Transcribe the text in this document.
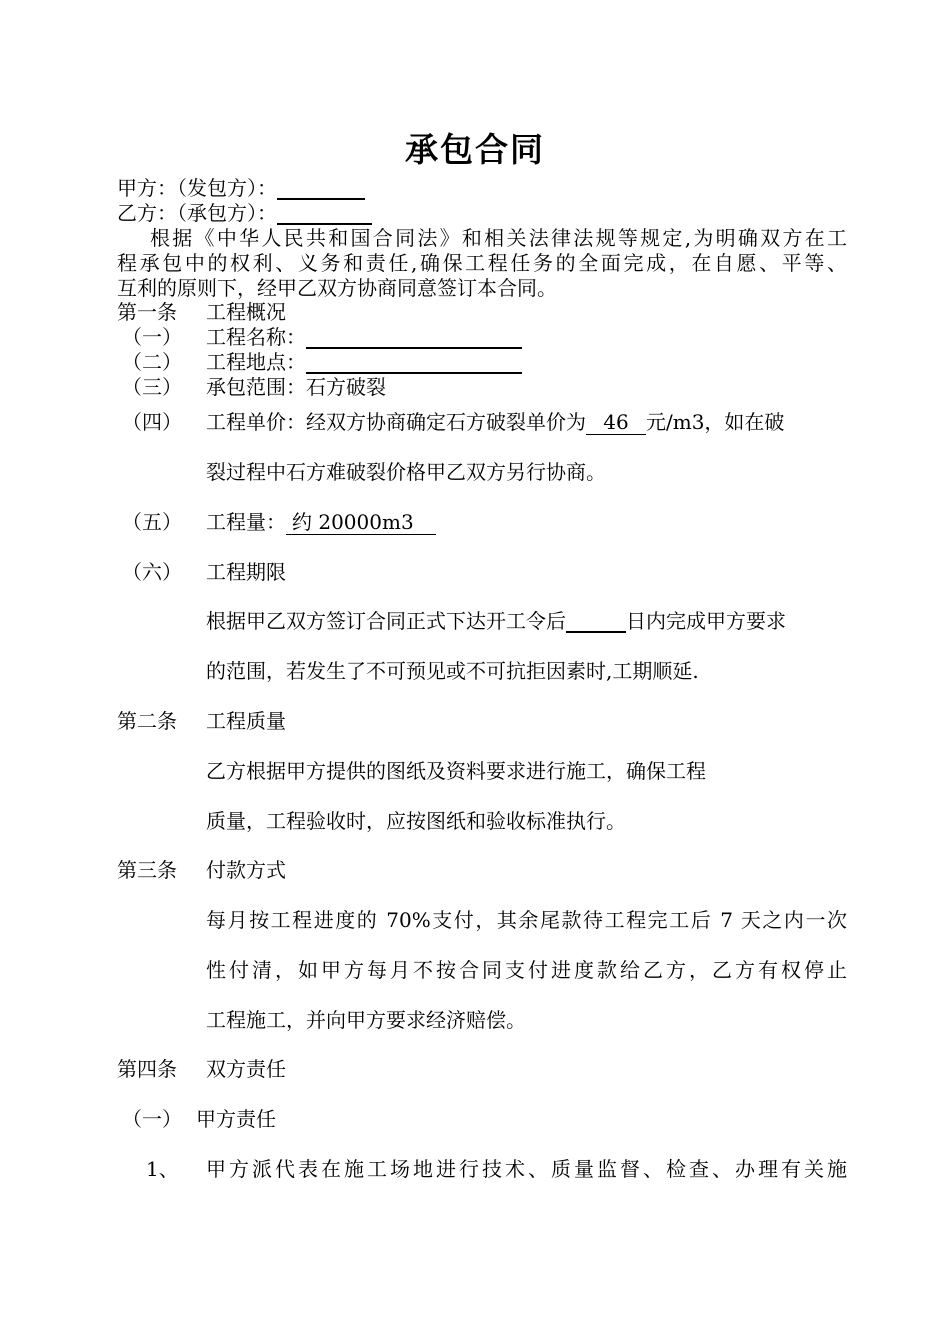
承包合同
甲方：（发包方）：
乙方：（承包方）：
根据《中华人民共和国合同法》和相关法律法规等规定,为明确双方在工
程承包中的权利、义务和责任,确保工程任务的全面完成，在自愿、平等、
互利的原则下，经甲乙双方协商同意签订本合同。
第一条 工程概况
（一） 工程名称：
（二） 工程地点：
（三） 承包范围：石方破裂
（四） 工程单价：经双方协商确定石方破裂单价为 46 元/m3，如在破
裂过程中石方难破裂价格甲乙双方另行协商。
（五） 工程量： 约 20000m3
（六） 工程期限
根据甲乙双方签订合同正式下达开工令后	日内完成甲方要求
的范围，若发生了不可预见或不可抗拒因素时,工期顺延.
第二条 工程质量
乙方根据甲方提供的图纸及资料要求进行施工，确保工程
质量，工程验收时，应按图纸和验收标准执行。
第三条 付款方式
每月按工程进度的 70%支付，其余尾款待工程完工后 7 天之内一次
性付清，如甲方每月不按合同支付进度款给乙方，乙方有权停止
工程施工，并向甲方要求经济赔偿。
第四条 双方责任
（一） 甲方责任
1、 甲方派代表在施工场地进行技术、质量监督、检查、办理有关施
